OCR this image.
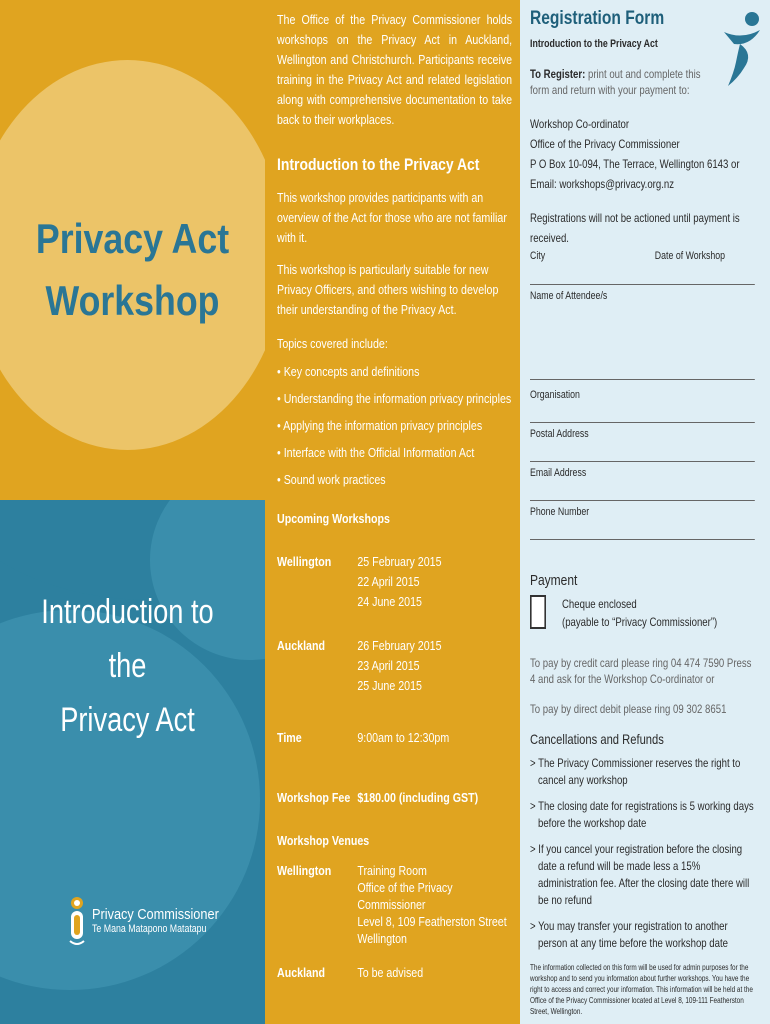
Privacy Act
Workshop
Introduction to the
Privacy Act
Privacy Commissioner
Te Mana Matapono Matatapu

The Office of the Privacy Commissioner holds workshops on the Privacy Act in Auckland, Wellington and Christchurch. Participants receive training in the Privacy Act and related legislation along with comprehensive documentation to take back to their workplaces.

Introduction to the Privacy Act

This workshop provides participants with an overview of the Act for those who are not familiar with it.

This workshop is particularly suitable for new Privacy Officers, and others wishing to develop their understanding of the Privacy Act.

Topics covered include:

• Key concepts and definitions
• Understanding the information privacy principles
• Applying the information privacy principles
• Interface with the Official Information Act
• Sound work practices
Upcoming Workshops
Wellington	25 February 2015
22 April 2015
24 June 2015
Auckland	26 February 2015
23 April 2015
25 June 2015
Time	9:00am to 12:30pm
Workshop Fee $180.00 (including GST)
Workshop Venues
Wellington	Training Room
Office of the Privacy Commissioner
Level 8, 109 Featherston Street
Wellington
Auckland	To be advised
Registration Form
Introduction to the Privacy Act
To Register: print out and complete this form and return with your payment to:
Workshop Co-ordinator
Office of the Privacy Commissioner
P O Box 10-094, The Terrace, Wellington 6143 or
Email: workshops@privacy.org.nz
Registrations will not be actioned until payment is received.
City	Date of Workshop
Name of Attendee/s
Organisation
Postal Address
Email Address
Phone Number
Payment
Cheque enclosed
(payable to “Privacy Commissioner”)
To pay by credit card please ring 04 474 7590 Press 4 and ask for the Workshop Co-ordinator or
To pay by direct debit please ring 09 302 8651
Cancellations and Refunds
> The Privacy Commissioner reserves the right to cancel any workshop
> The closing date for registrations is 5 working days before the workshop date
> If you cancel your registration before the closing date a refund will be made less a 15% administration fee. After the closing date there will be no refund
> You may transfer your registration to another person at any time before the workshop date
The information collected on this form will be used for admin purposes for the workshop and to send you information about further workshops. You have the right to access and correct your information. This information will be held at the Office of the Privacy Commissioner located at Level 8, 109-111 Featherston Street, Wellington.
